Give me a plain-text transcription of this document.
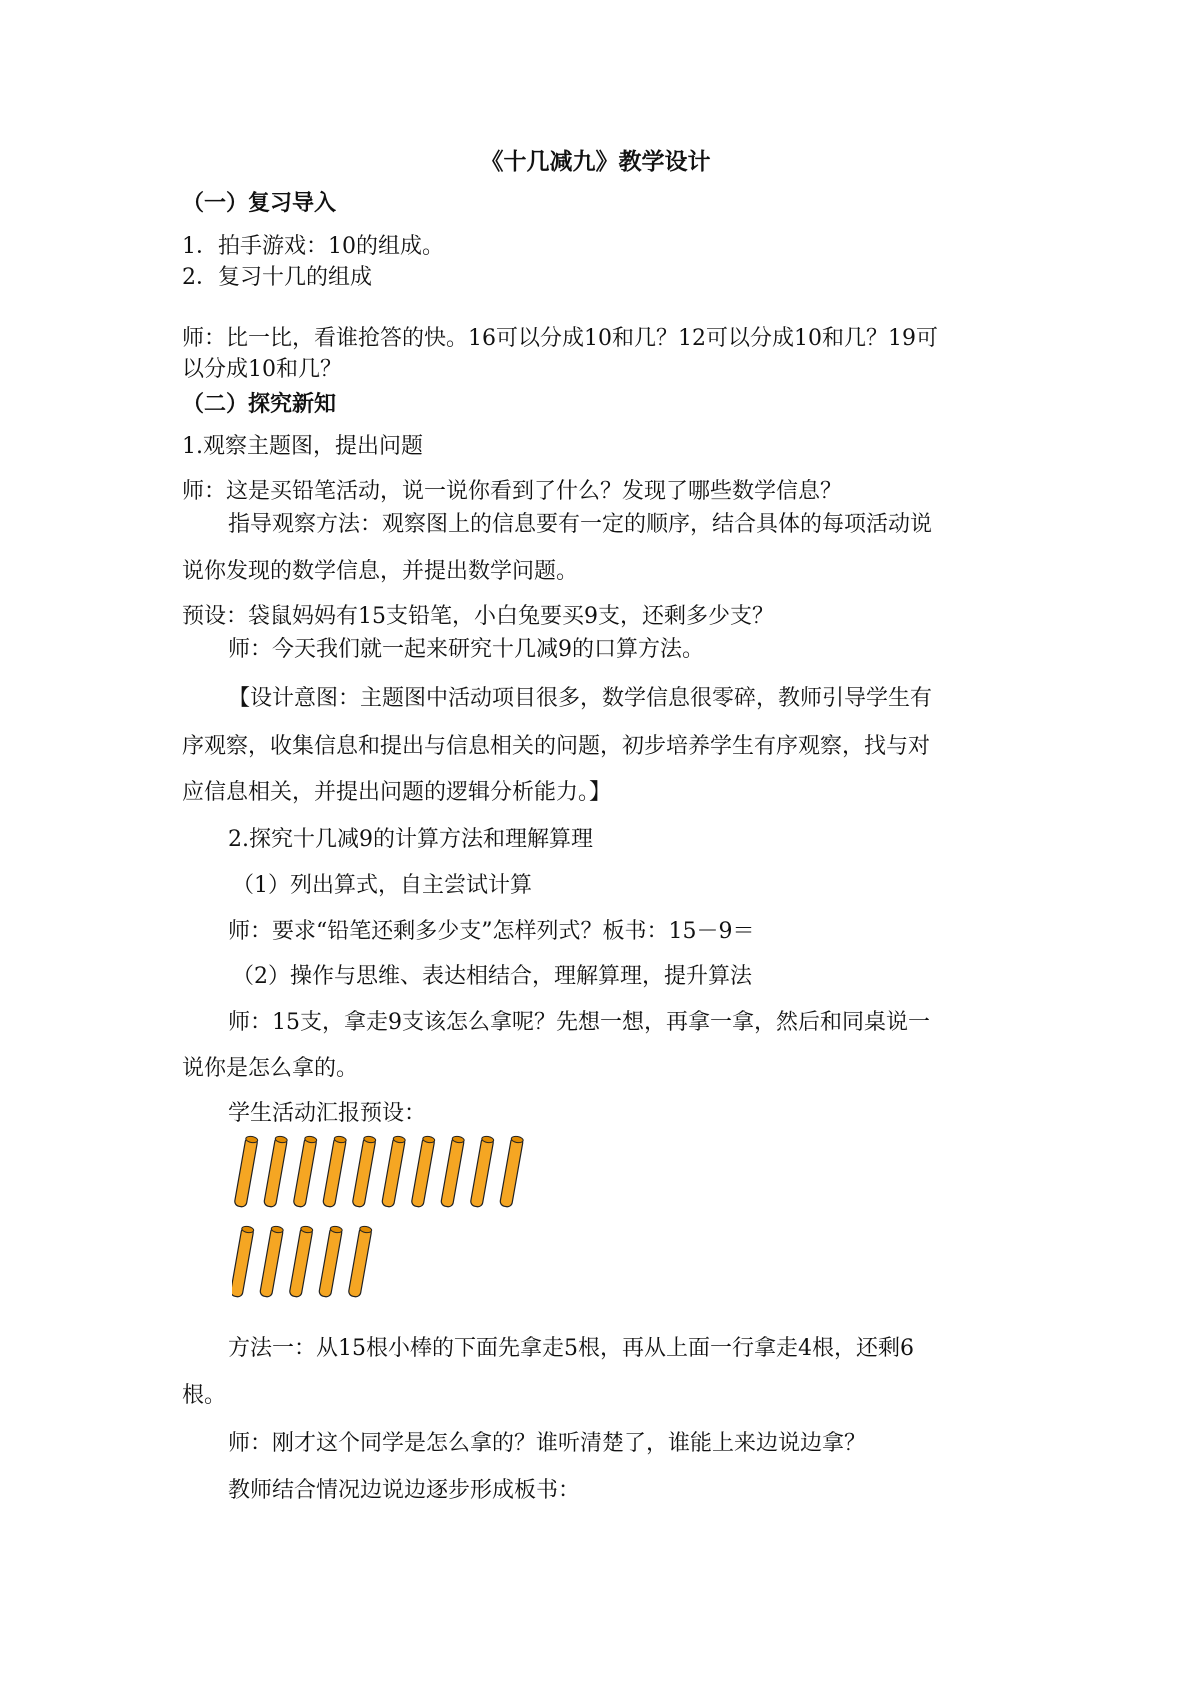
《十几减九》教学设计
（一）复习导入
1．拍手游戏：10的组成。
2．复习十几的组成
师：比一比，看谁抢答的快。16可以分成10和几？12可以分成10和几？19可
以分成10和几？
（二）探究新知
1.观察主题图，提出问题
师：这是买铅笔活动，说一说你看到了什么？发现了哪些数学信息？
指导观察方法：观察图上的信息要有一定的顺序，结合具体的每项活动说
说你发现的数学信息，并提出数学问题。
预设：袋鼠妈妈有15支铅笔，小白兔要买9支，还剩多少支？
师：今天我们就一起来研究十几减9的口算方法。
【设计意图：主题图中活动项目很多，数学信息很零碎，教师引导学生有
序观察，收集信息和提出与信息相关的问题，初步培养学生有序观察，找与对
应信息相关，并提出问题的逻辑分析能力。】
2.探究十几减9的计算方法和理解算理
（1）列出算式，自主尝试计算
师：要求“铅笔还剩多少支”怎样列式？板书：15－9＝
（2）操作与思维、表达相结合，理解算理，提升算法
师：15支，拿走9支该怎么拿呢？先想一想，再拿一拿，然后和同桌说一
说你是怎么拿的。
学生活动汇报预设：
方法一：从15根小棒的下面先拿走5根，再从上面一行拿走4根，还剩6
根。
师：刚才这个同学是怎么拿的？谁听清楚了，谁能上来边说边拿？
教师结合情况边说边逐步形成板书：
